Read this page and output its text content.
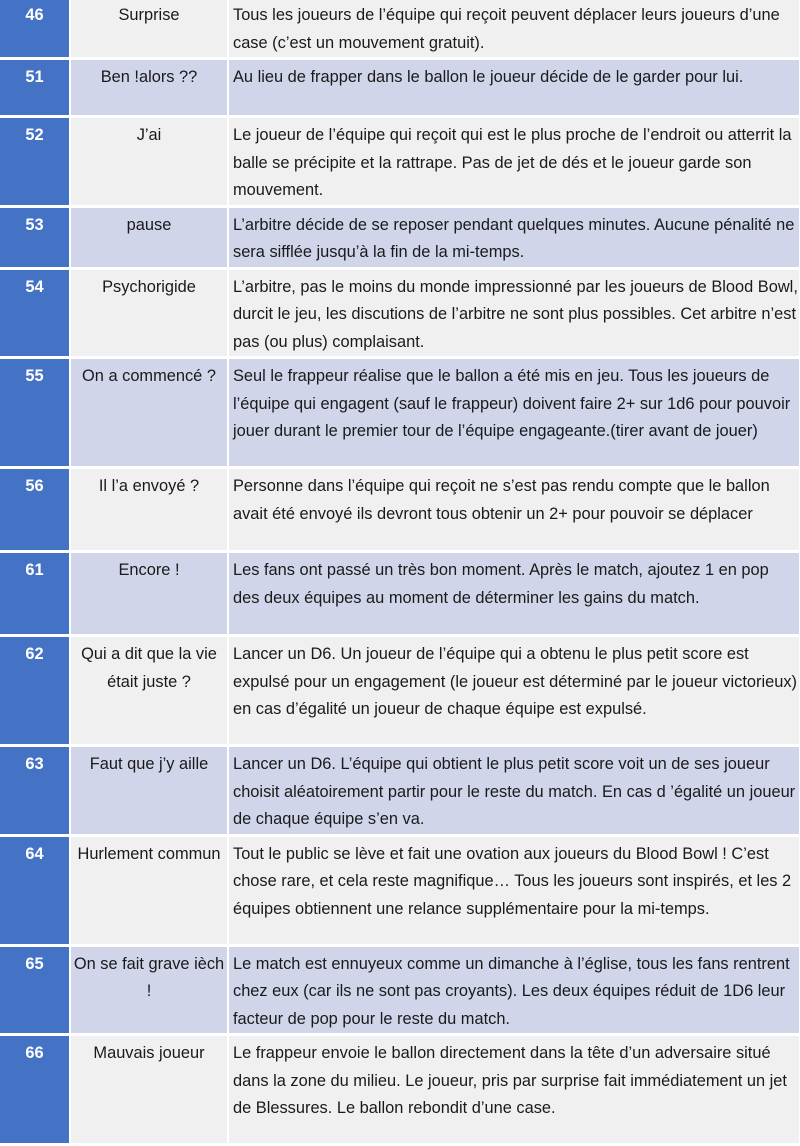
46	Surprise	Tous les joueurs de l’équipe qui reçoit peuvent déplacer leurs joueurs d’une case (c’est un mouvement gratuit).
51	Ben !alors ??	Au lieu de frapper dans le ballon le joueur décide de le garder pour lui.
52	J’ai	Le joueur de l’équipe qui reçoit qui est le plus proche de l’endroit ou atterrit la balle se précipite et la rattrape. Pas de jet de dés et le joueur garde son mouvement.
53	pause	L’arbitre décide de se reposer pendant quelques minutes. Aucune pénalité ne sera sifflée jusqu’à la fin de la mi-temps.
54	Psychorigide	L’arbitre, pas le moins du monde impressionné par les joueurs de Blood Bowl, durcit le jeu, les discutions de l’arbitre ne sont plus possibles. Cet arbitre n’est pas (ou plus) complaisant.
55	On a commencé ?	Seul le frappeur réalise que le ballon a été mis en jeu. Tous les joueurs de l’équipe qui engagent (sauf le frappeur) doivent faire 2+ sur 1d6 pour pouvoir jouer durant le premier tour de l’équipe engageante.(tirer avant de jouer)
56	Il l’a envoyé ?	Personne dans l’équipe qui reçoit ne s’est pas rendu compte que le ballon avait été envoyé ils devront tous obtenir un 2+ pour pouvoir se déplacer
61	Encore !	Les fans ont passé un très bon moment. Après le match, ajoutez 1 en pop des deux équipes au moment de déterminer les gains du match.
62	Qui a dit que la vie était juste ?	Lancer un D6. Un joueur de l’équipe qui a obtenu le plus petit score est expulsé pour un engagement (le joueur est déterminé par le joueur victorieux) en cas d’égalité un joueur de chaque équipe est expulsé.
63	Faut que j’y aille	Lancer un D6. L’équipe qui obtient le plus petit score voit un de ses joueur choisit aléatoirement partir pour le reste du match. En cas d ’égalité un joueur de chaque équipe s’en va.
64	Hurlement commun	Tout le public se lève et fait une ovation aux joueurs du Blood Bowl ! C’est chose rare, et cela reste magnifique… Tous les joueurs sont inspirés, et les 2 équipes obtiennent une relance supplémentaire pour la mi-temps.
65	On se fait grave ièch !	Le match est ennuyeux comme un dimanche à l’église, tous les fans rentrent chez eux (car ils ne sont pas croyants). Les deux équipes réduit de 1D6 leur facteur de pop pour le reste du match.
66	Mauvais joueur	Le frappeur envoie le ballon directement dans la tête d’un adversaire situé dans la zone du milieu. Le joueur, pris par surprise fait immédiatement un jet de Blessures. Le ballon rebondit d’une case.
